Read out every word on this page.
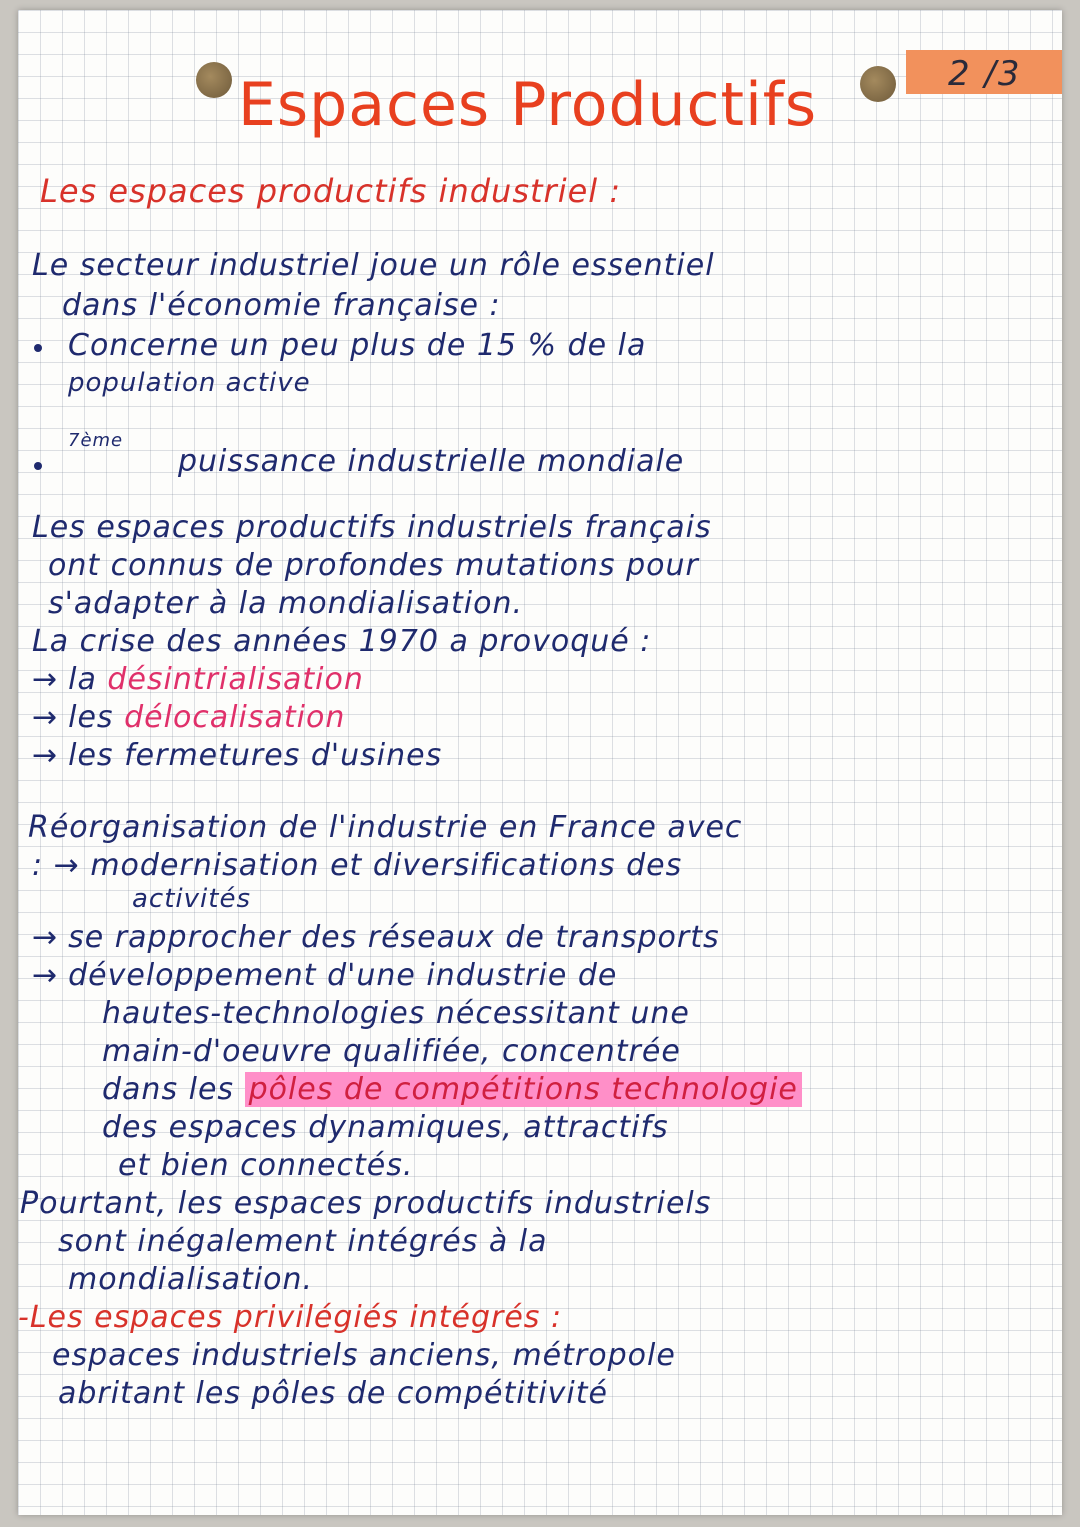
2 /3
Espaces Productifs
Les espaces productifs industriel :
Le secteur industriel joue un rôle essentiel
dans l'économie française :
Concerne un peu plus de 15 % de la
population active
7ème
puissance industrielle mondiale
Les espaces productifs industriels français
ont connus de profondes mutations pour
s'adapter à la mondialisation.
La crise des années 1970 a provoqué :
→ la désintrialisation
→ les délocalisation
→ les fermetures d'usines
Réorganisation de l'industrie en France avec
: → modernisation et diversifications des
activités
→ se rapprocher des réseaux de transports
→ développement d'une industrie de
hautes-technologies nécessitant une
main-d'oeuvre qualifiée, concentrée
dans les pôles de compétitions technologie
des espaces dynamiques, attractifs
et bien connectés.
Pourtant, les espaces productifs industriels
sont inégalement intégrés à la
mondialisation.
-Les espaces privilégiés intégrés :
espaces industriels anciens, métropole
abritant les pôles de compétitivité
